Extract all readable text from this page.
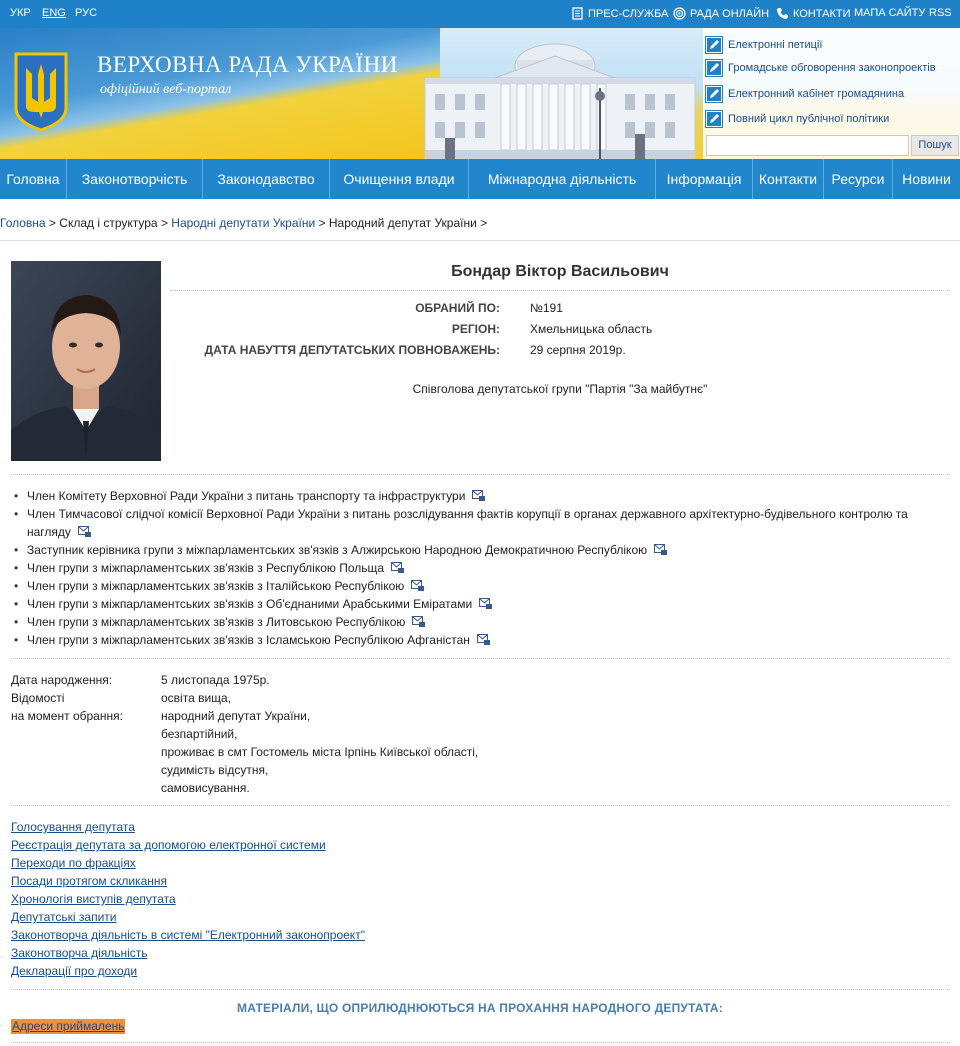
УКР ENG РУС	ПРЕС-СЛУЖБА РАДА ОНЛАЙН КОНТАКТИ МАПА САЙТУ RSS
ВЕРХОВНА РАДА УКРАЇНИ
офіційний веб-портал
Електронні петиції
Громадське обговорення законопроектів
Електронний кабінет громадянина
Повний цикл публічної політики
Пошук
Головна	Законотворчість	Законодавство	Очищення влади	Міжнародна діяльність	Інформація	Контакти	Ресурси	Новини
Головна > Склад і структура > Народні депутати України > Народний депутат України >
Бондар Віктор Васильович
ОБРАНИЙ ПО:	№191
РЕГІОН:	Хмельницька область
ДАТА НАБУТТЯ ДЕПУТАТСЬКИХ ПОВНОВАЖЕНЬ:	29 серпня 2019р.
Співголова депутатської групи "Партія "За майбутнє"
• Член Комітету Верховної Ради України з питань транспорту та інфраструктури
• Член Тимчасової слідчої комісії Верховної Ради України з питань розслідування фактів корупції в органах державного архітектурно-будівельного контролю та нагляду
• Заступник керівника групи з міжпарламентських зв'язків з Алжирською Народною Демократичною Республікою
• Член групи з міжпарламентських зв'язків з Республікою Польща
• Член групи з міжпарламентських зв'язків з Італійською Республікою
• Член групи з міжпарламентських зв'язків з Об'єднаними Арабськими Еміратами
• Член групи з міжпарламентських зв'язків з Литовською Республікою
• Член групи з міжпарламентських зв'язків з Ісламською Республікою Афганістан
Дата народження:	5 листопада 1975р.
Відомості
на момент обрання:
освіта вища,
народний депутат України,
безпартійний,
проживає в смт Гостомель міста Ірпінь Київської області,
судимість відсутня,
самовисування.
Голосування депутата
Реєстрація депутата за допомогою електронної системи
Переходи по фракціях
Посади протягом скликання
Хронологія виступів депутата
Депутатські запити
Законотворча діяльність в системі "Електронний законопроект"
Законотворча діяльність
Декларації про доходи
МАТЕРІАЛИ, ЩО ОПРИЛЮДНЮЮТЬСЯ НА ПРОХАННЯ НАРОДНОГО ДЕПУТАТА:
Адреси приймалень
